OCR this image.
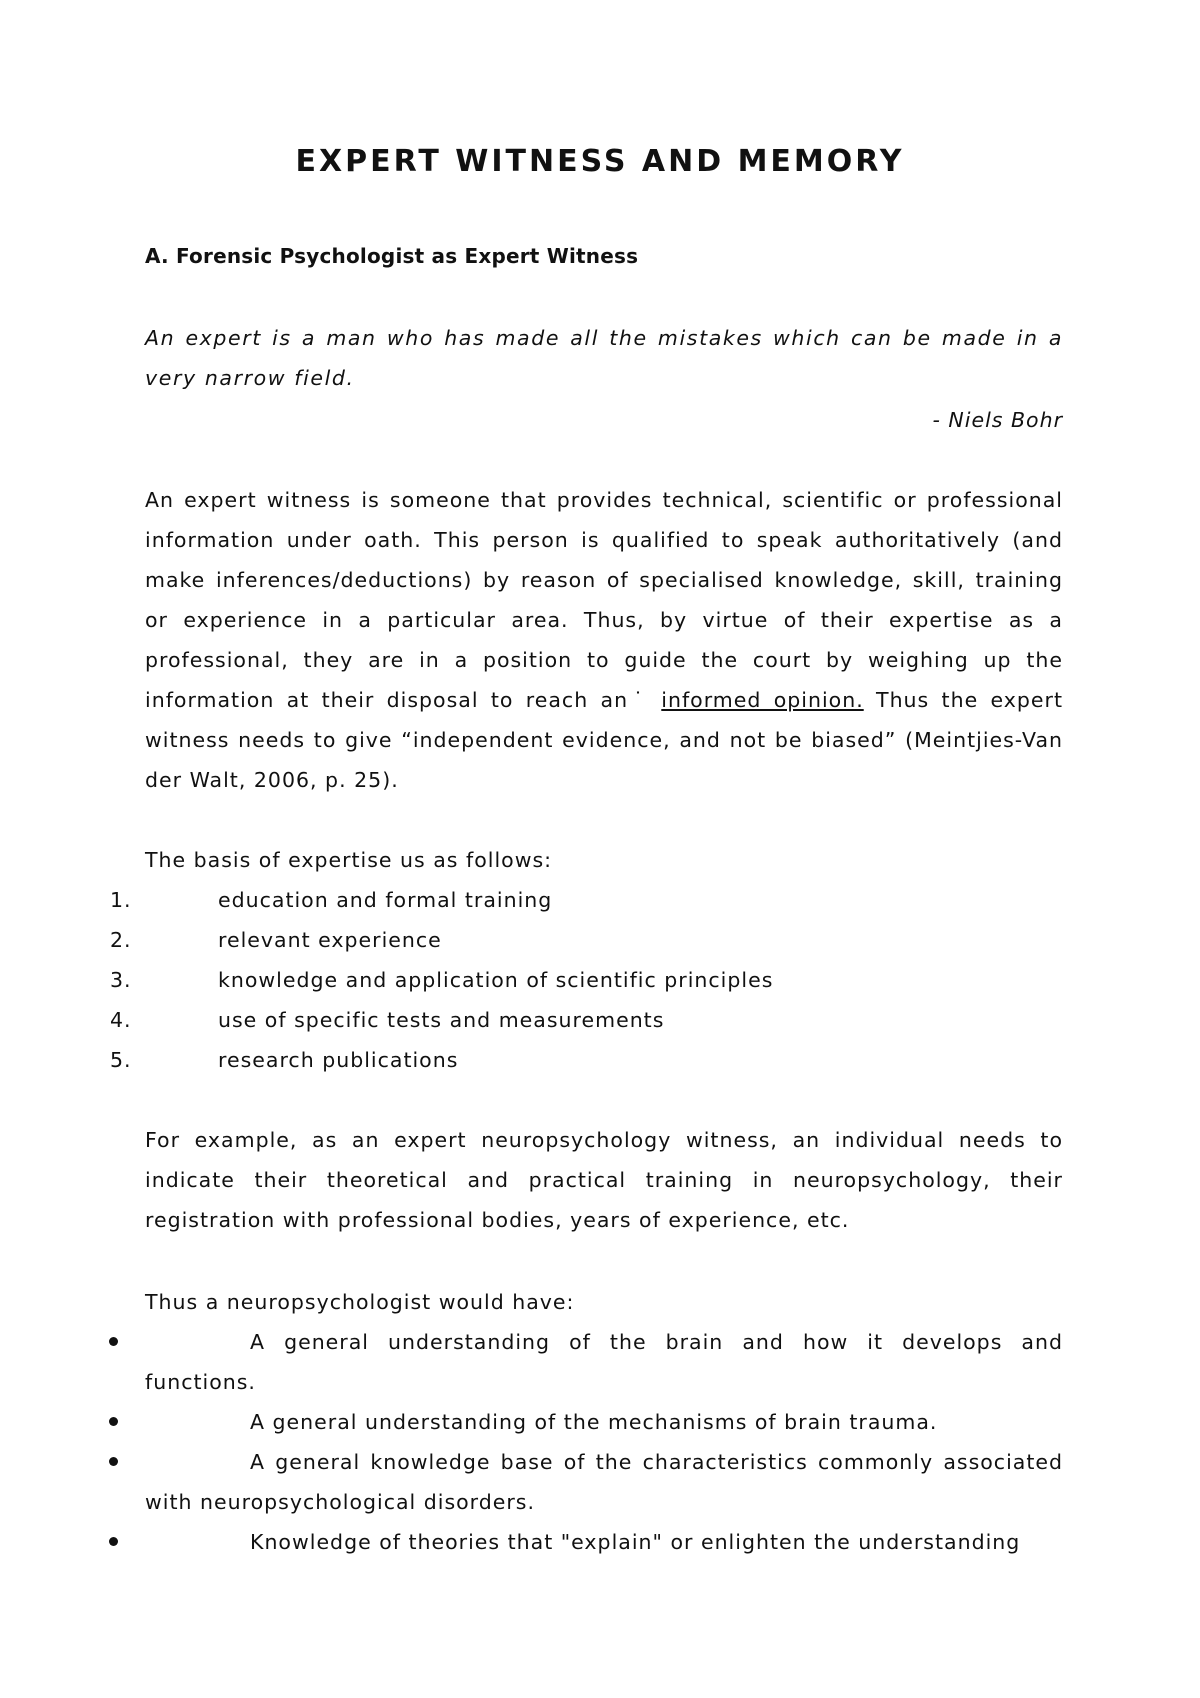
EXPERT WITNESS AND MEMORY
A. Forensic Psychologist as Expert Witness

An expert is a man who has made all the mistakes which can be made in a very narrow field.

- Niels Bohr

An expert witness is someone that provides technical, scientific or professional information under oath. This person is qualified to speak authoritatively (and make inferences/deductions) by reason of specialised knowledge, skill, training or experience in a particular area. Thus, by virtue of their expertise as a professional, they are in a position to guide the court by weighing up the information at their disposal to reach an˙ informed opinion. Thus the expert witness needs to give “independent evidence, and not be biased” (Meintjies-Van der Walt, 2006, p. 25).

The basis of expertise us as follows:

1.	education and formal training
2.	relevant experience
3.	knowledge and application of scientific principles
4.	use of specific tests and measurements
5.	research publications

For example, as an expert neuropsychology witness, an individual needs to indicate their theoretical and practical training in neuropsychology, their registration with professional bodies, years of experience, etc.

Thus a neuropsychologist would have:

A general understanding of the brain and how it develops and functions.
A general understanding of the mechanisms of brain trauma.
A general knowledge base of the characteristics commonly associated with neuropsychological disorders.
Knowledge of theories that "explain" or enlighten the understanding
